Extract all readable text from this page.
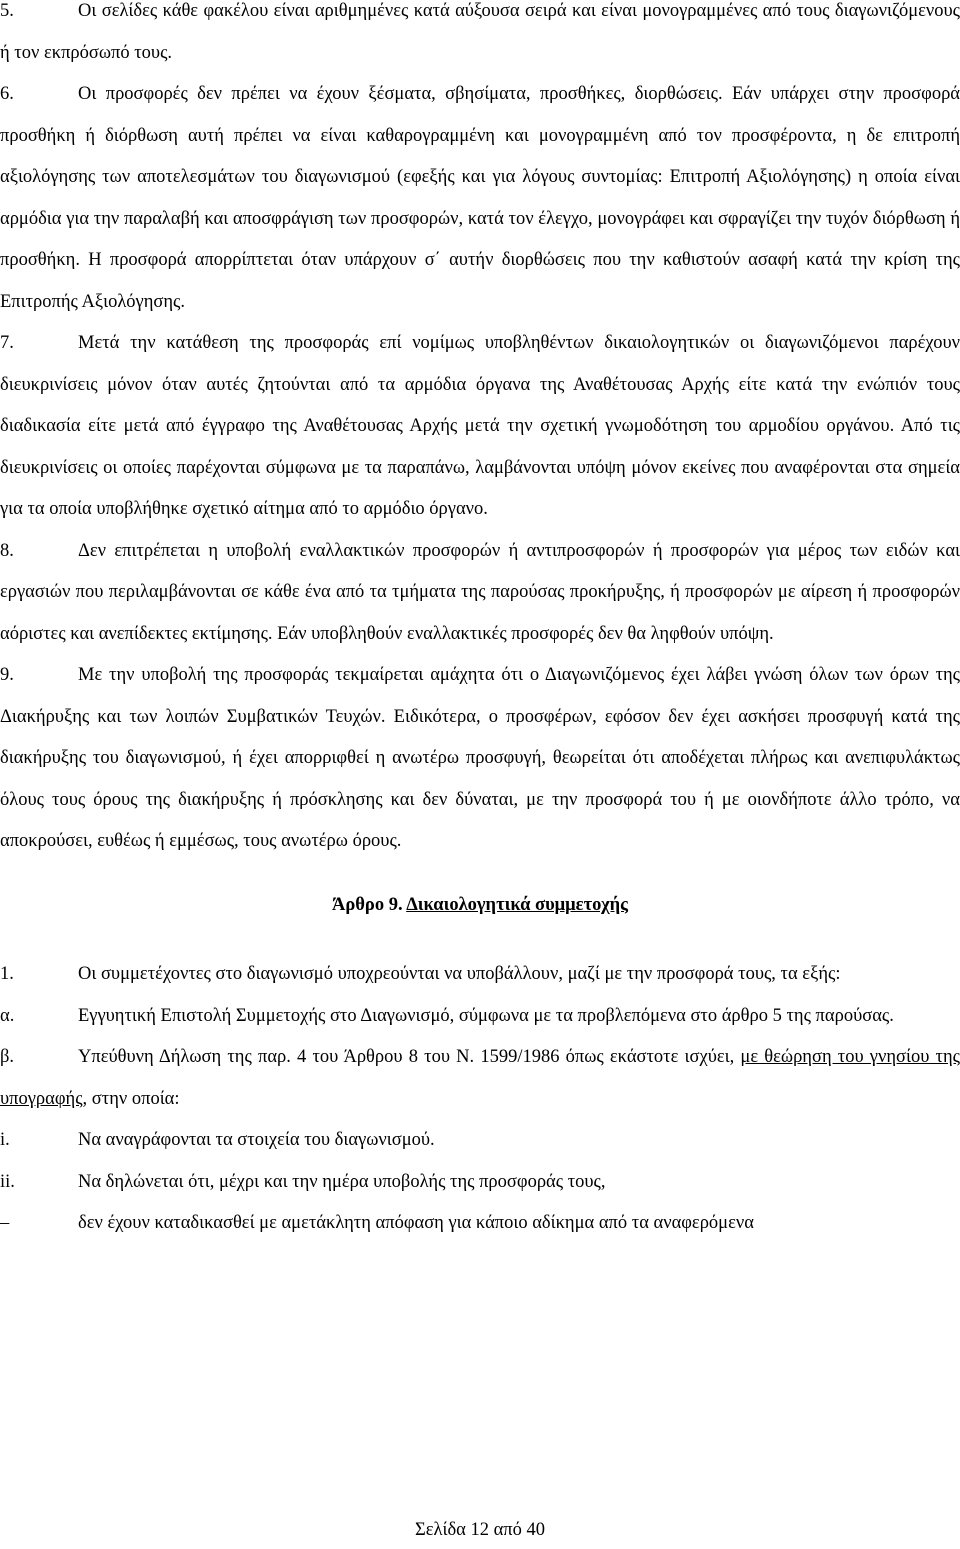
5.	Οι σελίδες κάθε φακέλου είναι αριθμημένες κατά αύξουσα σειρά και είναι μονογραμμένες από τους διαγωνιζόμενους ή τον εκπρόσωπό τους.

6.	Οι προσφορές δεν πρέπει να έχουν ξέσματα, σβησίματα, προσθήκες, διορθώσεις. Εάν υπάρχει στην προσφορά προσθήκη ή διόρθωση αυτή πρέπει να είναι καθαρογραμμένη και μονογραμμένη από τον προσφέροντα, η δε επιτροπή αξιολόγησης των αποτελεσμάτων του διαγωνισμού (εφεξής και για λόγους συντομίας: Επιτροπή Αξιολόγησης) η οποία είναι αρμόδια για την παραλαβή και αποσφράγιση των προσφορών, κατά τον έλεγχο, μονογράφει και σφραγίζει την τυχόν διόρθωση ή προσθήκη. Η προσφορά απορρίπτεται όταν υπάρχουν σ΄ αυτήν διορθώσεις που την καθιστούν ασαφή κατά την κρίση της Επιτροπής Αξιολόγησης.

7.	Μετά την κατάθεση της προσφοράς επί νομίμως υποβληθέντων δικαιολογητικών οι διαγωνιζόμενοι παρέχουν διευκρινίσεις μόνον όταν αυτές ζητούνται από τα αρμόδια όργανα της Αναθέτουσας Αρχής είτε κατά την ενώπιόν τους διαδικασία είτε μετά από έγγραφο της Αναθέτουσας Αρχής μετά την σχετική γνωμοδότηση του αρμοδίου οργάνου. Από τις διευκρινίσεις οι οποίες παρέχονται σύμφωνα με τα παραπάνω, λαμβάνονται υπόψη μόνον εκείνες που αναφέρονται στα σημεία για τα οποία υποβλήθηκε σχετικό αίτημα από το αρμόδιο όργανο.

8.	Δεν επιτρέπεται η υποβολή εναλλακτικών προσφορών ή αντιπροσφορών ή προσφορών για μέρος των ειδών και εργασιών που περιλαμβάνονται σε κάθε ένα από τα τμήματα της παρούσας προκήρυξης, ή προσφορών με αίρεση ή προσφορών αόριστες και ανεπίδεκτες εκτίμησης. Εάν υποβληθούν εναλλακτικές προσφορές δεν θα ληφθούν υπόψη.

9.	Με την υποβολή της προσφοράς τεκμαίρεται αμάχητα ότι ο Διαγωνιζόμενος έχει λάβει γνώση όλων των όρων της Διακήρυξης και των λοιπών Συμβατικών Τευχών. Ειδικότερα, ο προσφέρων, εφόσον δεν έχει ασκήσει προσφυγή κατά της διακήρυξης του διαγωνισμού, ή έχει απορριφθεί η ανωτέρω προσφυγή, θεωρείται ότι αποδέχεται πλήρως και ανεπιφυλάκτως όλους τους όρους της διακήρυξης ή πρόσκλησης και δεν δύναται, με την προσφορά του ή με οιονδήποτε άλλο τρόπο, να αποκρούσει, ευθέως ή εμμέσως, τους ανωτέρω όρους.

Άρθρο 9. Δικαιολογητικά συμμετοχής

1.	Οι συμμετέχοντες στο διαγωνισμό υποχρεούνται να υποβάλλουν, μαζί με την προσφορά τους, τα εξής:

α.	Εγγυητική Επιστολή Συμμετοχής στο Διαγωνισμό, σύμφωνα με τα προβλεπόμενα στο άρθρο 5 της παρούσας.

β.	Υπεύθυνη Δήλωση της παρ. 4 του Άρθρου 8 του Ν. 1599/1986 όπως εκάστοτε ισχύει, με θεώρηση του γνησίου της υπογραφής, στην οποία:

i.	Να αναγράφονται τα στοιχεία του διαγωνισμού.

ii.	Να δηλώνεται ότι, μέχρι και την ημέρα υποβολής της προσφοράς τους,

–	δεν έχουν καταδικασθεί με αμετάκλητη απόφαση για κάποιο αδίκημα από τα αναφερόμενα

Σελίδα 12 από 40
